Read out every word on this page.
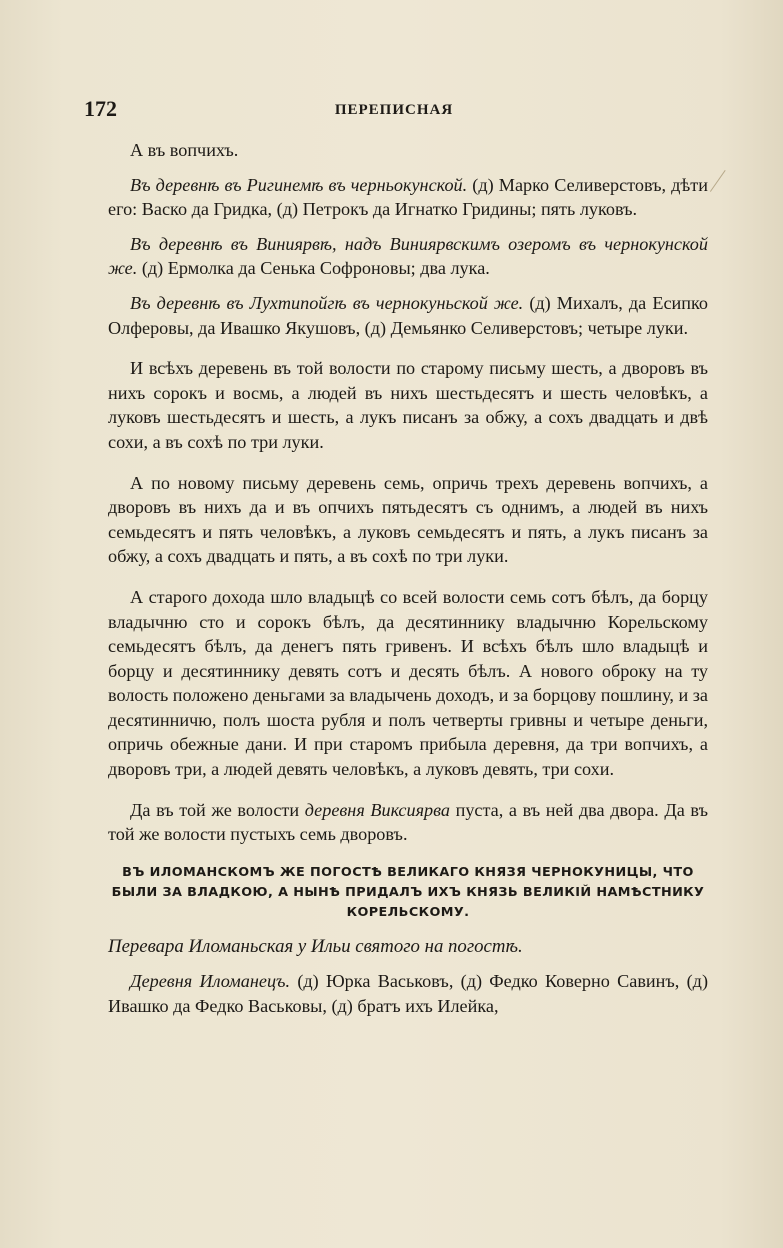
172	ПЕРЕПИСНАЯ

А въ вопчихъ.

Въ деревнѣ въ Ригинемѣ въ черньокунской. (д) Марко Селиверстовъ, дѣти его: Васко да Гридка, (д) Петрокъ да Игнатко Гридины; пять луковъ.

Въ деревнѣ въ Виниярвѣ, надъ Виниярвскимъ озеромъ въ чернокунской же. (д) Ермолка да Сенька Софроновы; два лука.

Въ деревнѣ въ Лухтипойгѣ въ чернокуньской же. (д) Михалъ, да Есипко Олферовы, да Ивашко Якушовъ, (д) Демьянко Селиверстовъ; четыре луки.

И всѣхъ деревень въ той волости по старому письму шесть, а дворовъ въ нихъ сорокъ и восмь, а людей въ нихъ шестьдесятъ и шесть человѣкъ, а луковъ шестьдесятъ и шесть, а лукъ писанъ за обжу, а сохъ двадцать и двѣ сохи, а въ сохѣ по три луки.

А по новому письму деревень семь, опричь трехъ деревень вопчихъ, а дворовъ въ нихъ да и въ опчихъ пятьдесятъ съ однимъ, а людей въ нихъ семьдесятъ и пять человѣкъ, а луковъ семьдесятъ и пять, а лукъ писанъ за обжу, а сохъ двадцать и пять, а въ сохѣ по три луки.

А старого дохода шло владыцѣ со всей волости семь сотъ бѣлъ, да борцу владычню сто и сорокъ бѣлъ, да десятиннику владычню Корельскому семьдесятъ бѣлъ, да денегъ пять гривенъ. И всѣхъ бѣлъ шло владыцѣ и борцу и десятиннику девять сотъ и десять бѣлъ. А нового оброку на ту волость положено деньгами за владычень доходъ, и за борцову пошлину, и за десятинничю, полъ шоста рубля и полъ четверты гривны и четыре деньги, опричь обежные дани. И при старомъ прибыла деревня, да три вопчихъ, а дворовъ три, а людей девять человѣкъ, а луковъ девять, три сохи.

Да въ той же волости деревня Виксиярва пуста, а въ ней два двора. Да въ той же волости пустыхъ семь дворовъ.

ВЪ ИЛОМАНСКОМЪ ЖЕ ПОГОСТѢ ВЕЛИКАГО КНЯЗЯ ЧЕРНОКУНИЦЫ, ЧТО БЫЛИ ЗА ВЛАДКОЮ, А НЫНѢ ПРИДАЛЪ ИХЪ КНЯЗЬ ВЕЛИКІЙ НАМѢСТНИКУ КОРЕЛЬСКОМУ.

Перевара Иломаньская у Ильи святого на погостѣ.

Деревня Иломанецъ. (д) Юрка Васьковъ, (д) Федко Коверно Савинъ, (д) Ивашко да Федко Васьковы, (д) братъ ихъ Илейка,
